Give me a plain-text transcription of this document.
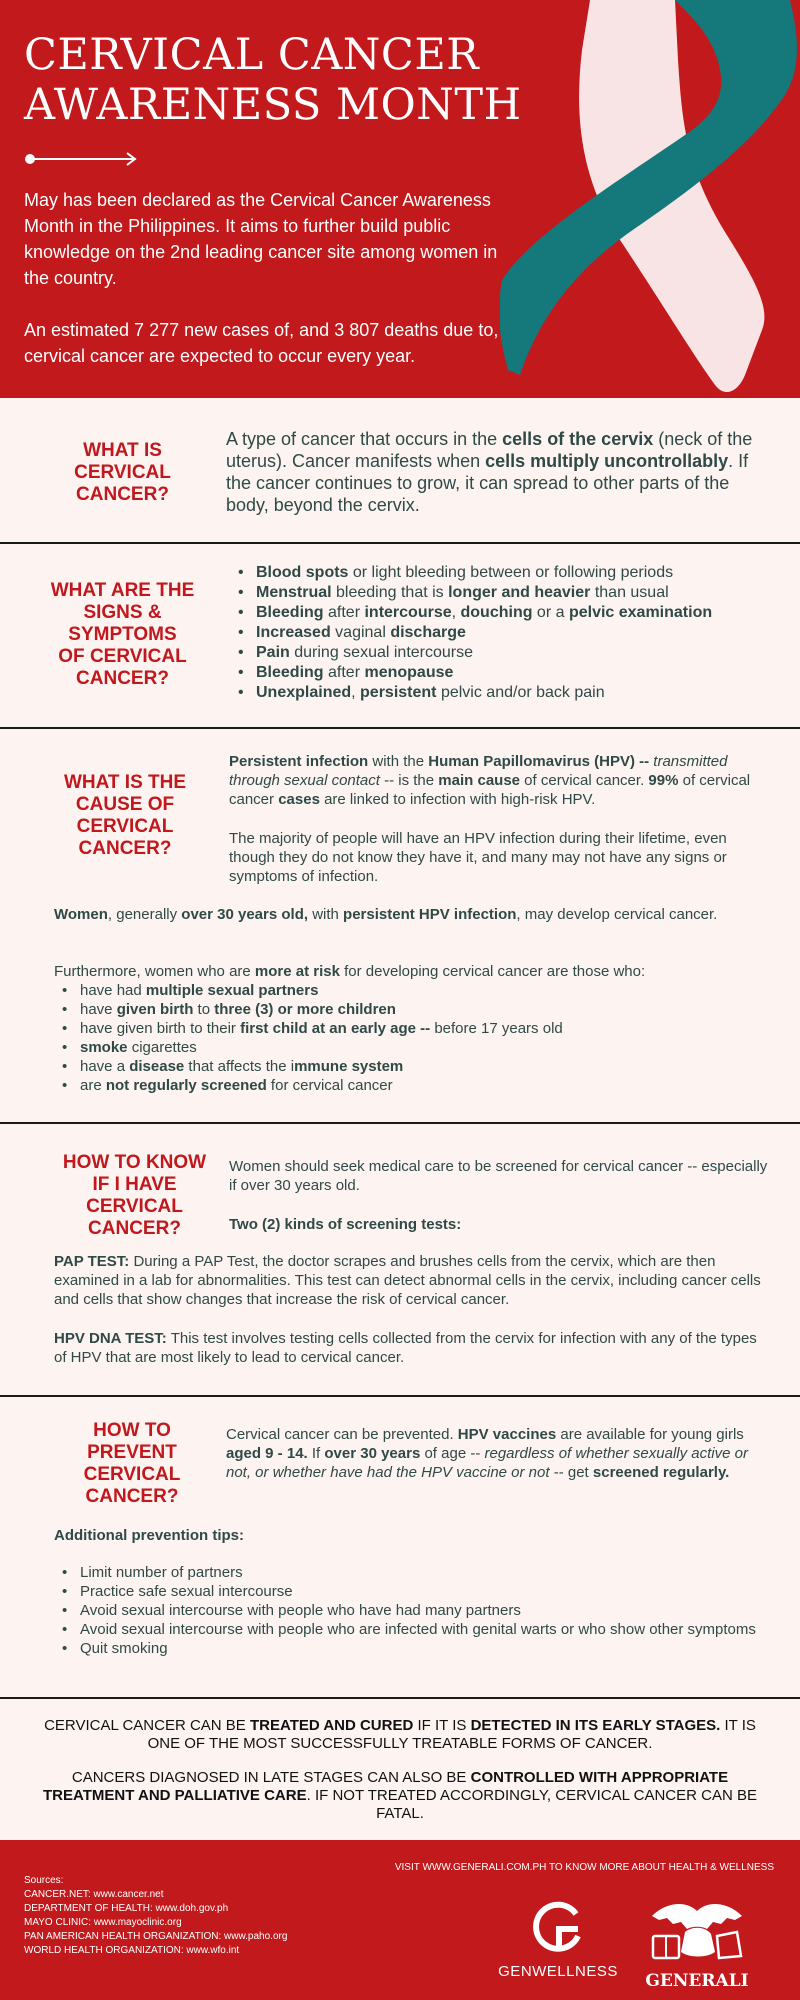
CERVICAL CANCER
AWARENESS MONTH
May has been declared as the Cervical Cancer Awareness Month in the Philippines. It aims to further build public knowledge on the 2nd leading cancer site among women in the country.
An estimated 7 277 new cases of, and 3 807 deaths due to, cervical cancer are expected to occur every year.
WHAT IS
CERVICAL
CANCER?
A type of cancer that occurs in the cells of the cervix (neck of the uterus). Cancer manifests when cells multiply uncontrollably. If the cancer continues to grow, it can spread to other parts of the body, beyond the cervix.
WHAT ARE THE
SIGNS &
SYMPTOMS
OF CERVICAL
CANCER?
• Blood spots or light bleeding between or following periods
• Menstrual bleeding that is longer and heavier than usual
• Bleeding after intercourse, douching or a pelvic examination
• Increased vaginal discharge
• Pain during sexual intercourse
• Bleeding after menopause
• Unexplained, persistent pelvic and/or back pain
WHAT IS THE
CAUSE OF
CERVICAL
CANCER?
Persistent infection with the Human Papillomavirus (HPV) -- transmitted through sexual contact -- is the main cause of cervical cancer. 99% of cervical cancer cases are linked to infection with high-risk HPV.
The majority of people will have an HPV infection during their lifetime, even though they do not know they have it, and many may not have any signs or symptoms of infection.
Women, generally over 30 years old, with persistent HPV infection, may develop cervical cancer.
Furthermore, women who are more at risk for developing cervical cancer are those who:
• have had multiple sexual partners
• have given birth to three (3) or more children
• have given birth to their first child at an early age -- before 17 years old
• smoke cigarettes
• have a disease that affects the immune system
• are not regularly screened for cervical cancer
HOW TO KNOW
IF I HAVE
CERVICAL
CANCER?
Women should seek medical care to be screened for cervical cancer -- especially if over 30 years old.
Two (2) kinds of screening tests:
PAP TEST: During a PAP Test, the doctor scrapes and brushes cells from the cervix, which are then examined in a lab for abnormalities. This test can detect abnormal cells in the cervix, including cancer cells and cells that show changes that increase the risk of cervical cancer.
HPV DNA TEST: This test involves testing cells collected from the cervix for infection with any of the types of HPV that are most likely to lead to cervical cancer.
HOW TO
PREVENT
CERVICAL
CANCER?
Cervical cancer can be prevented. HPV vaccines are available for young girls aged 9 - 14. If over 30 years of age -- regardless of whether sexually active or not, or whether have had the HPV vaccine or not -- get screened regularly.
Additional prevention tips:
• Limit number of partners
• Practice safe sexual intercourse
• Avoid sexual intercourse with people who have had many partners
• Avoid sexual intercourse with people who are infected with genital warts or who show other symptoms
• Quit smoking
CERVICAL CANCER CAN BE TREATED AND CURED IF IT IS DETECTED IN ITS EARLY STAGES. IT IS ONE OF THE MOST SUCCESSFULLY TREATABLE FORMS OF CANCER.
CANCERS DIAGNOSED IN LATE STAGES CAN ALSO BE CONTROLLED WITH APPROPRIATE TREATMENT AND PALLIATIVE CARE. IF NOT TREATED ACCORDINGLY, CERVICAL CANCER CAN BE FATAL.
VISIT WWW.GENERALI.COM.PH TO KNOW MORE ABOUT HEALTH & WELLNESS
Sources:
CANCER.NET: www.cancer.net
DEPARTMENT OF HEALTH: www.doh.gov.ph
MAYO CLINIC: www.mayoclinic.org
PAN AMERICAN HEALTH ORGANIZATION: www.paho.org
WORLD HEALTH ORGANIZATION: www.wfo.int
GENWELLNESS GENERALI
